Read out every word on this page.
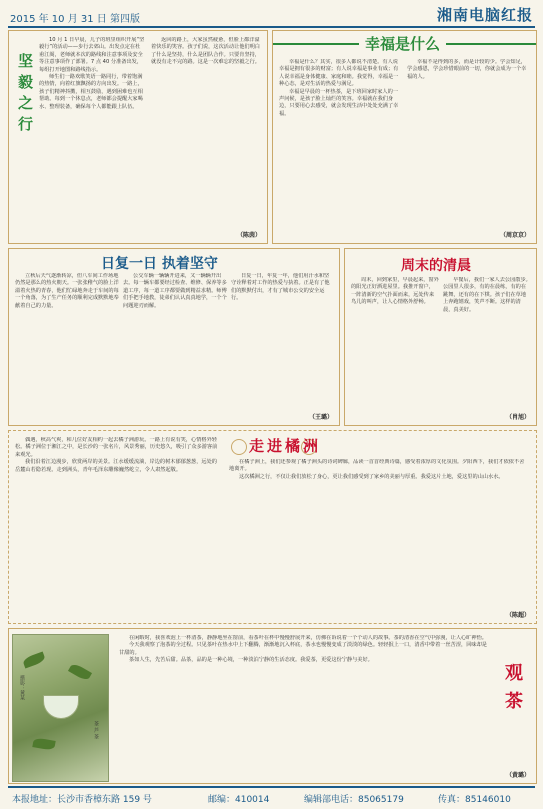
2015 年 10 月 31 日 第四版	湘南电脑红报
坚毅之行

10 月 1 日早晨，儿子的班里组织开展“坚毅行”的活动——步行去郊山。出发点定在杜甫江阁，老师就本次的路线和注意事项及安全等注意事项作了部署。7 点 40 分准备出发，每组打开地图和路线指示。

师生们一路欢歌笑语一路同行，带着饱满的热情，向着红旗飘扬的方向出发。一路上，孩子们精神抖擞，相互鼓励，遇到困难也互相帮助。每到一个休息点，老师都会提醒大家喝水、整理装备，确保每个人都能跟上队伍。

返回的路上，大家虽然疲惫，但脸上都洋溢着快乐的笑容。孩子们说，这次活动让他们明白了什么是坚持，什么是团队合作。只要肯坚持，就没有走不完的路。这是一次难忘的坚毅之行。

（陈茵）
幸福是什么

幸福是什么？其实，很多人都说不清楚。有人说幸福是拥有很多的财富；有人说幸福是事业有成；有人说幸福是身体健康、家庭和睦。我觉得，幸福是一种心态，是对生活的热爱与满足。

幸福是早晨的一杯热茶，是下班回家时家人的一声问候，是孩子脸上灿烂的笑容。幸福就在我们身边，只要用心去感受，就会发现生活中处处充满了幸福。

幸福不是得到的多，而是计较的少。学会知足，学会感恩，学会珍惜眼前的一切，你就会成为一个幸福的人。

（周京京）
日复一日 执着坚守

立秋后天气逐渐转凉，但八车间工作场地仍然是那么的热火朝天。一张张稚气的脸上洋溢着火热的青春，他们忙碌地奔走于车间的每一个角落，为了生产任务的顺利完成默默地奉献着自己的力量。

公交车辆一辆辆开进来，又一辆辆开出去。每一辆车都要经过检查、维修、保养等多道工序，每一道工序都要做到精益求精。师傅们手把手地教，徒弟们认认真真地学，一个个问题迎刃而解。

日复一日，年复一年，他们用汗水和坚守诠释着对工作的热爱与执着。正是有了他们的默默付出，才有了城市公交的安全运行。

（王璐）
周末的清晨

周末，回到家里，早晨起来，窗外的阳光正好洒进屋里。我推开窗户，一阵清新的空气扑面而来，远处传来鸟儿的叫声，让人心情格外舒畅。

早餐后，我们一家人去公园散步。公园里人很多，有的在晨练，有的在跳舞，还有的在下棋。孩子们在草地上奔跑嬉戏，笑声不断。这样的清晨，真美好。

（肖旭）
走进橘洲

偶遇，秋高气爽，和几位好友相约一起去橘子洲游玩。一路上有说有笑，心情格外轻松。橘子洲位于湘江之中，是长沙的一张名片，风景秀丽，历史悠久，吸引了众多游客前来观光。

我们沿着江边漫步，欣赏两岸的美景。江水缓缓流淌，岸边的树木郁郁葱葱，远处的岳麓山若隐若现。走到洲头，青年毛泽东雕像巍然屹立，令人肃然起敬。

在橘子洲上，我们还参观了橘子洲头的诗词碑廊，品读一首首经典诗篇，感受着浓厚的文化氛围。夕阳西下，我们才依依不舍地离开。

这次橘洲之行，不仅让我们放松了身心，更让我们感受到了家乡的美丽与厚重。我爱这片土地，爱这里的山山水水。

（陈超）

在闲暇时，我喜欢泡上一杯清茶，静静地坐在窗前，看茶叶在杯中慢慢舒展开来，仿佛在诉说着一个个动人的故事。茶的清香在空气中弥漫，让人心旷神怡。

今天我观察了泡茶的全过程。只见茶叶在热水中上下翻腾，渐渐地沉入杯底，茶水也慢慢变成了淡淡的绿色。轻轻抿上一口，清香中带着一丝苦涩，回味却是甘甜的。

茶如人生，先苦后甜。品茶，品的是一种心境，一种淡泊宁静的生活态度。我爱茶，更爱这份宁静与美好。

观茶
（黄璐）
摄影：黄某
茶 芦 茶
本报地址：长沙市香樟东路 159 号	邮编：410014	编辑部电话：85065179	传真：85146010
